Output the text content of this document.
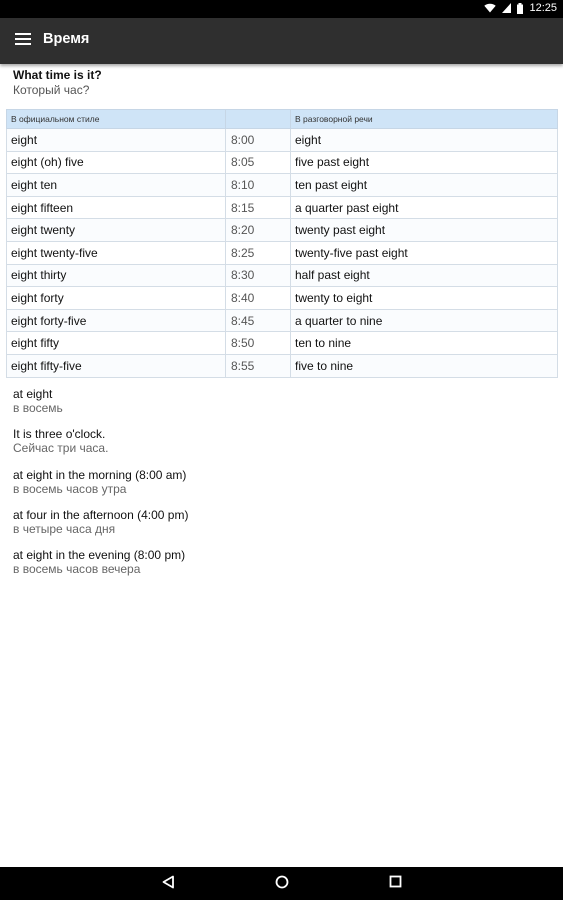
12:25
Время
What time is it?
Который час?
В официальном стиле		В разговорной речи
eight	8:00	eight
eight (oh) five	8:05	five past eight
eight ten	8:10	ten past eight
eight fifteen	8:15	a quarter past eight
eight twenty	8:20	twenty past eight
eight twenty-five	8:25	twenty-five past eight
eight thirty	8:30	half past eight
eight forty	8:40	twenty to eight
eight forty-five	8:45	a quarter to nine
eight fifty	8:50	ten to nine
eight fifty-five	8:55	five to nine
at eight
в восемь
It is three o'clock.
Сейчас три часа.
at eight in the morning (8:00 am)
в восемь часов утра
at four in the afternoon (4:00 pm)
в четыре часа дня
at eight in the evening (8:00 pm)
в восемь часов вечера
